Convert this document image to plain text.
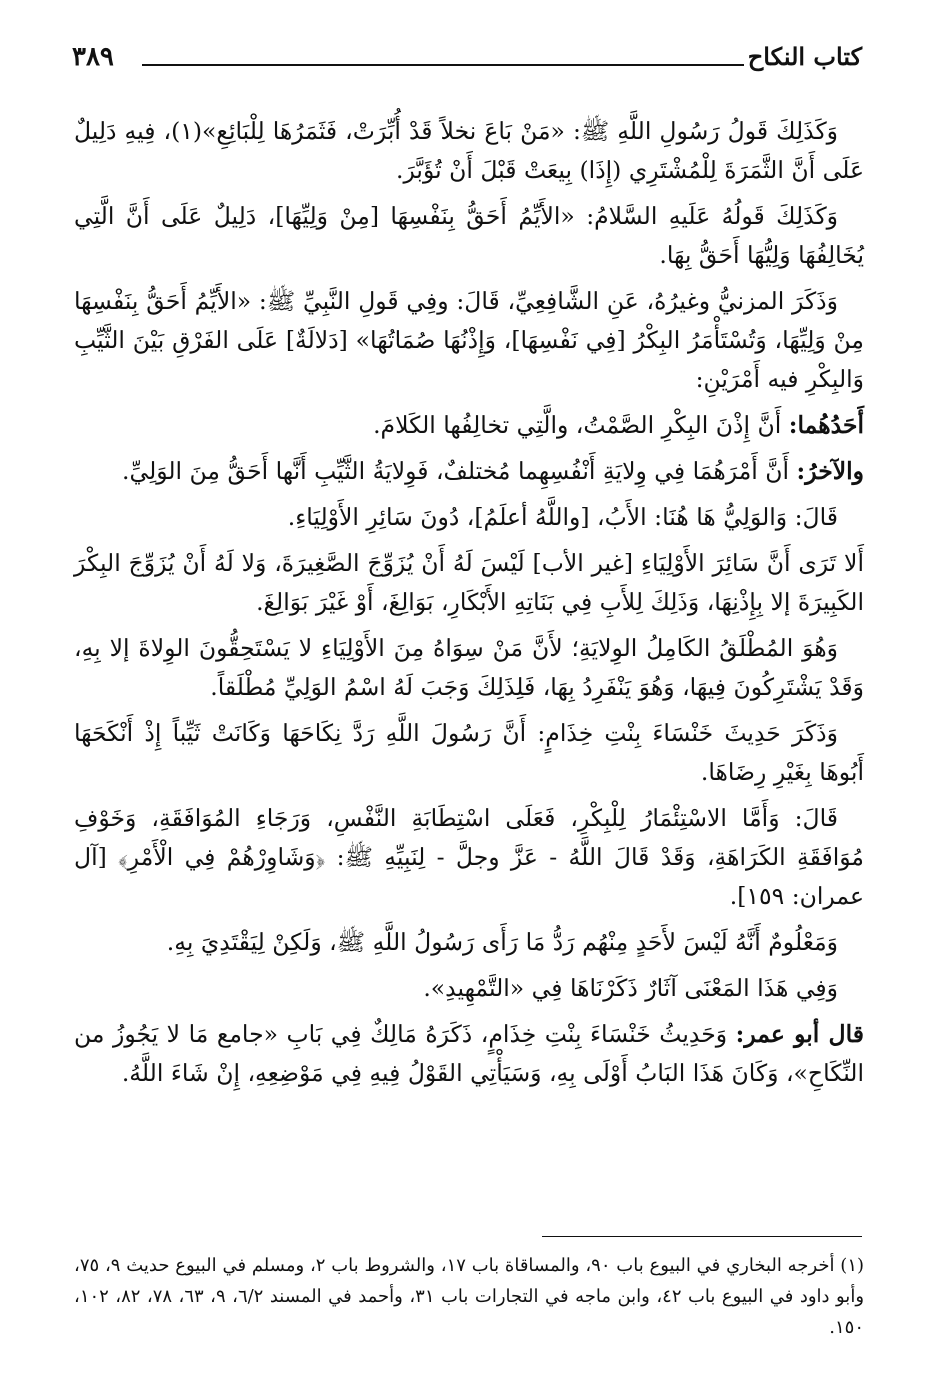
٣٨٩	كتاب النكاح

وَكَذَلِكَ قَولُ رَسُولِ اللَّهِ ﷺ: «مَنْ بَاعَ نخلاً قَدْ أُبِّرَتْ، فَثَمَرُهَا لِلْبَائِعِ»(١)، فِيهِ دَلِيلٌ عَلَى أَنَّ الثَّمَرَةَ لِلْمُشْتَرِي (إِذَا) بِيعَتْ قَبْلَ أَنْ تُؤَبَّرَ.

وَكَذَلِكَ قَولُهُ عَلَيهِ السَّلامُ: «الأَيِّمُ أَحَقُّ بِنَفْسِهَا [مِنْ وَلِيِّهَا]، دَلِيلٌ عَلَى أَنَّ الَّتِي يُخَالِفُهَا وَلِيُّهَا أَحَقُّ بِهَا.

وَذَكَرَ المزنيُّ وغيرُهُ، عَنِ الشَّافِعِيِّ، قَالَ: وفِي قَولِ النَّبِيِّ ﷺ: «الأَيِّمُ أَحَقُّ بِنَفْسِهَا مِنْ وَلِيِّهَا، وَتُسْتَأْمَرُ البِكْرُ [فِي نَفْسِهَا]، وَإِذْنُهَا صُمَاتُهَا» [دَلالَةٌ] عَلَى الفَرْقِ بَيْنَ الثَّيِّبِ وَالبِكْرِ فيه أَمْرَيْنِ:

أَحَدُهُما: أَنَّ إِذْنَ البِكْرِ الصَّمْتُ، والَّتِي تخالِفُها الكَلامَ.

والآخرُ: أَنَّ أَمْرَهُمَا فِي وِلايَةِ أَنْفُسِهِما مُختلفٌ، فَوِلايَةُ الثَّيِّبِ أَنَّها أَحَقُّ مِنَ الوَلِيِّ.

قَالَ: وَالوَلِيُّ هَا هُنَا: الأَبُ، [واللَّهُ أعلَمُ]، دُونَ سَائِرِ الأَوْلِيَاءِ.

أَلا تَرَى أَنَّ سَائِرَ الأَوْلِيَاءِ [غير الأب] لَيْسَ لَهُ أَنْ يُزَوِّجَ الصَّغِيرَةَ، وَلا لَهُ أَنْ يُزَوِّجَ البِكْرَ الكَبِيرَةَ إلا بِإِذْنِهَا، وَذَلِكَ لِلأَبِ فِي بَنَاتِهِ الأَبْكَارِ، بَوَالِغَ، أَوْ غَيْرَ بَوَالِغَ.

وَهُوَ المُطْلَقُ الكَامِلُ الوِلايَةِ؛ لأَنَّ مَنْ سِوَاهُ مِنَ الأَوْلِيَاءِ لا يَسْتَحِقُّونَ الوِلاةَ إلا بِهِ، وَقَدْ يَشْتَرِكُونَ فِيهَا، وَهُوَ يَنْفَرِدُ بِهَا، فَلِذَلِكَ وَجَبَ لَهُ اسْمُ الوَلِيِّ مُطْلَقاً.

وَذَكَرَ حَدِيثَ خَنْسَاءَ بِنْتِ خِذَامٍ: أَنَّ رَسُولَ اللَّهِ رَدَّ نِكَاحَهَا وَكَانَتْ ثَيِّباً إِذْ أَنْكَحَهَا أَبُوهَا بِغَيْرِ رِضَاهَا.

قَالَ: وَأَمَّا الاسْتِئْمَارُ لِلْبِكْرِ، فَعَلَى اسْتِطَابَةِ النَّفْسِ، وَرَجَاءِ المُوَافَقَةِ، وَخَوْفِ مُوَافَقَةِ الكَرَاهَةِ، وَقَدْ قَالَ اللَّهُ - عَزَّ وجلَّ - لِنَبِيِّهِ ﷺ: ﴿وَشَاوِرْهُمْ فِي الْأَمْرِ﴾ [آل عمران: ١٥٩].

وَمَعْلُومٌ أَنَّهُ لَيْسَ لأَحَدٍ مِنْهُم رَدُّ مَا رَأَى رَسُولُ اللَّهِ ﷺ، وَلَكِنْ لِيَقْتَدِيَ بِهِ.

وَفِي هَذَا المَعْنَى آثَارٌ ذَكَرْنَاهَا فِي «التَّمْهِيدِ».

قال أبو عمر: وَحَدِيثُ خَنْسَاءَ بِنْتِ خِذَامٍ، ذَكَرَهُ مَالِكٌ فِي بَابِ «جامع مَا لا يَجُوزُ من النِّكَاحِ»، وَكَانَ هَذَا البَابُ أَوْلَى بِهِ، وَسَيَأْتِي القَوْلُ فِيهِ فِي مَوْضِعِهِ، إِنْ شَاءَ اللَّهُ.

(١) أخرجه البخاري في البيوع باب ٩٠، والمساقاة باب ١٧، والشروط باب ٢، ومسلم في البيوع حديث ٩، ٧٥، وأبو داود في البيوع باب ٤٢، وابن ماجه في التجارات باب ٣١، وأحمد في المسند ٦/٢، ٩، ٦٣، ٧٨، ٨٢، ١٠٢، ١٥٠.
